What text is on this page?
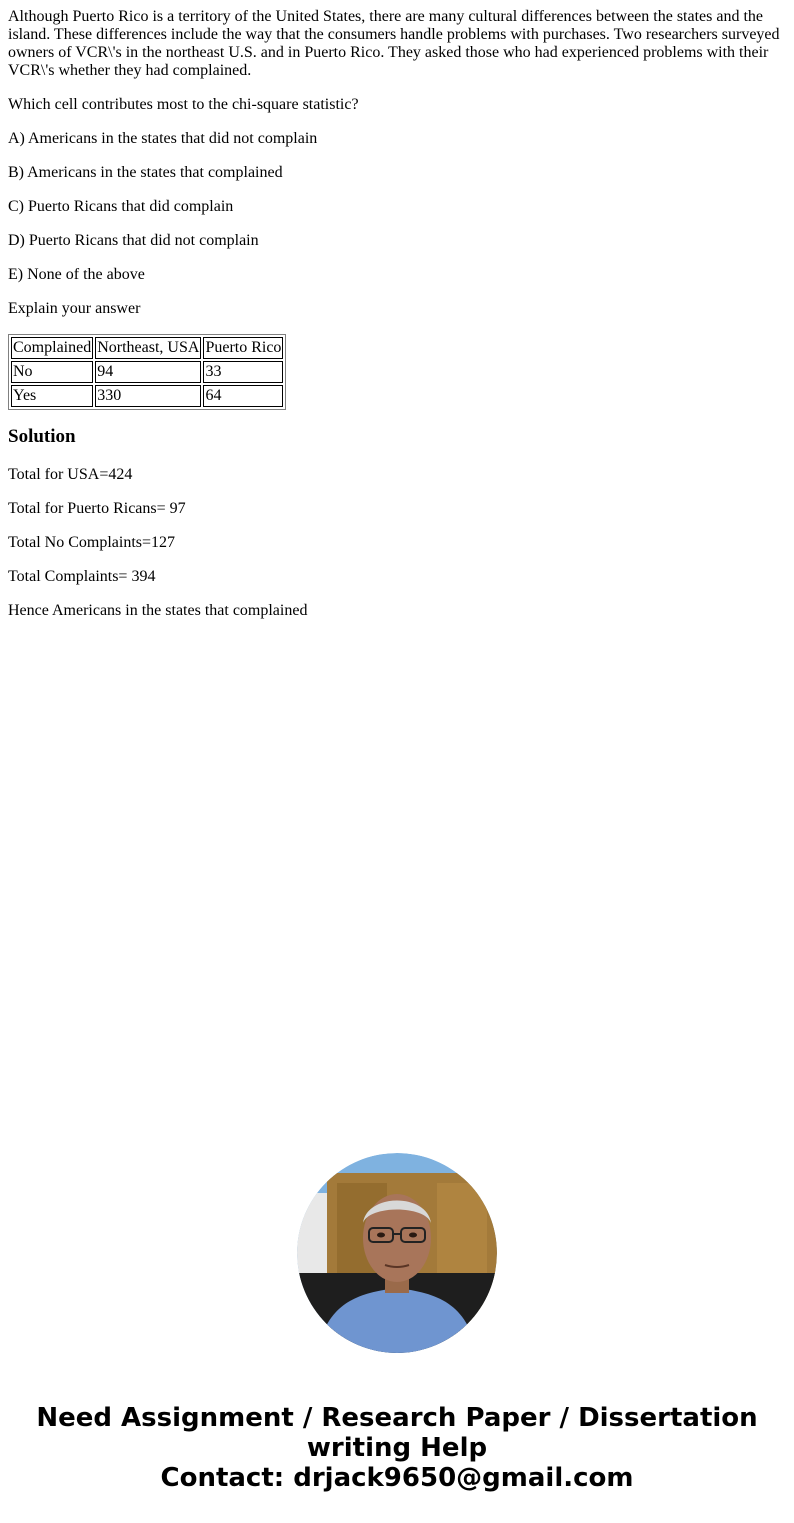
Although Puerto Rico is a territory of the United States, there are many cultural differences between the states and the island. These differences include the way that the consumers handle problems with purchases. Two researchers surveyed owners of VCR\'s in the northeast U.S. and in Puerto Rico. They asked those who had experienced problems with their VCR\'s whether they had complained.

Which cell contributes most to the chi-square statistic?

A) Americans in the states that did not complain

B) Americans in the states that complained

C) Puerto Ricans that did complain

D) Puerto Ricans that did not complain

E) None of the above

Explain your answer

Complained	Northeast, USA	Puerto Rico
No	94	33
Yes	330	64
Solution

Total for USA=424

Total for Puerto Ricans= 97

Total No Complaints=127

Total Complaints= 394

Hence Americans in the states that complained

Need Assignment / Research Paper / Dissertation
writing Help
Contact: drjack9650@gmail.com
